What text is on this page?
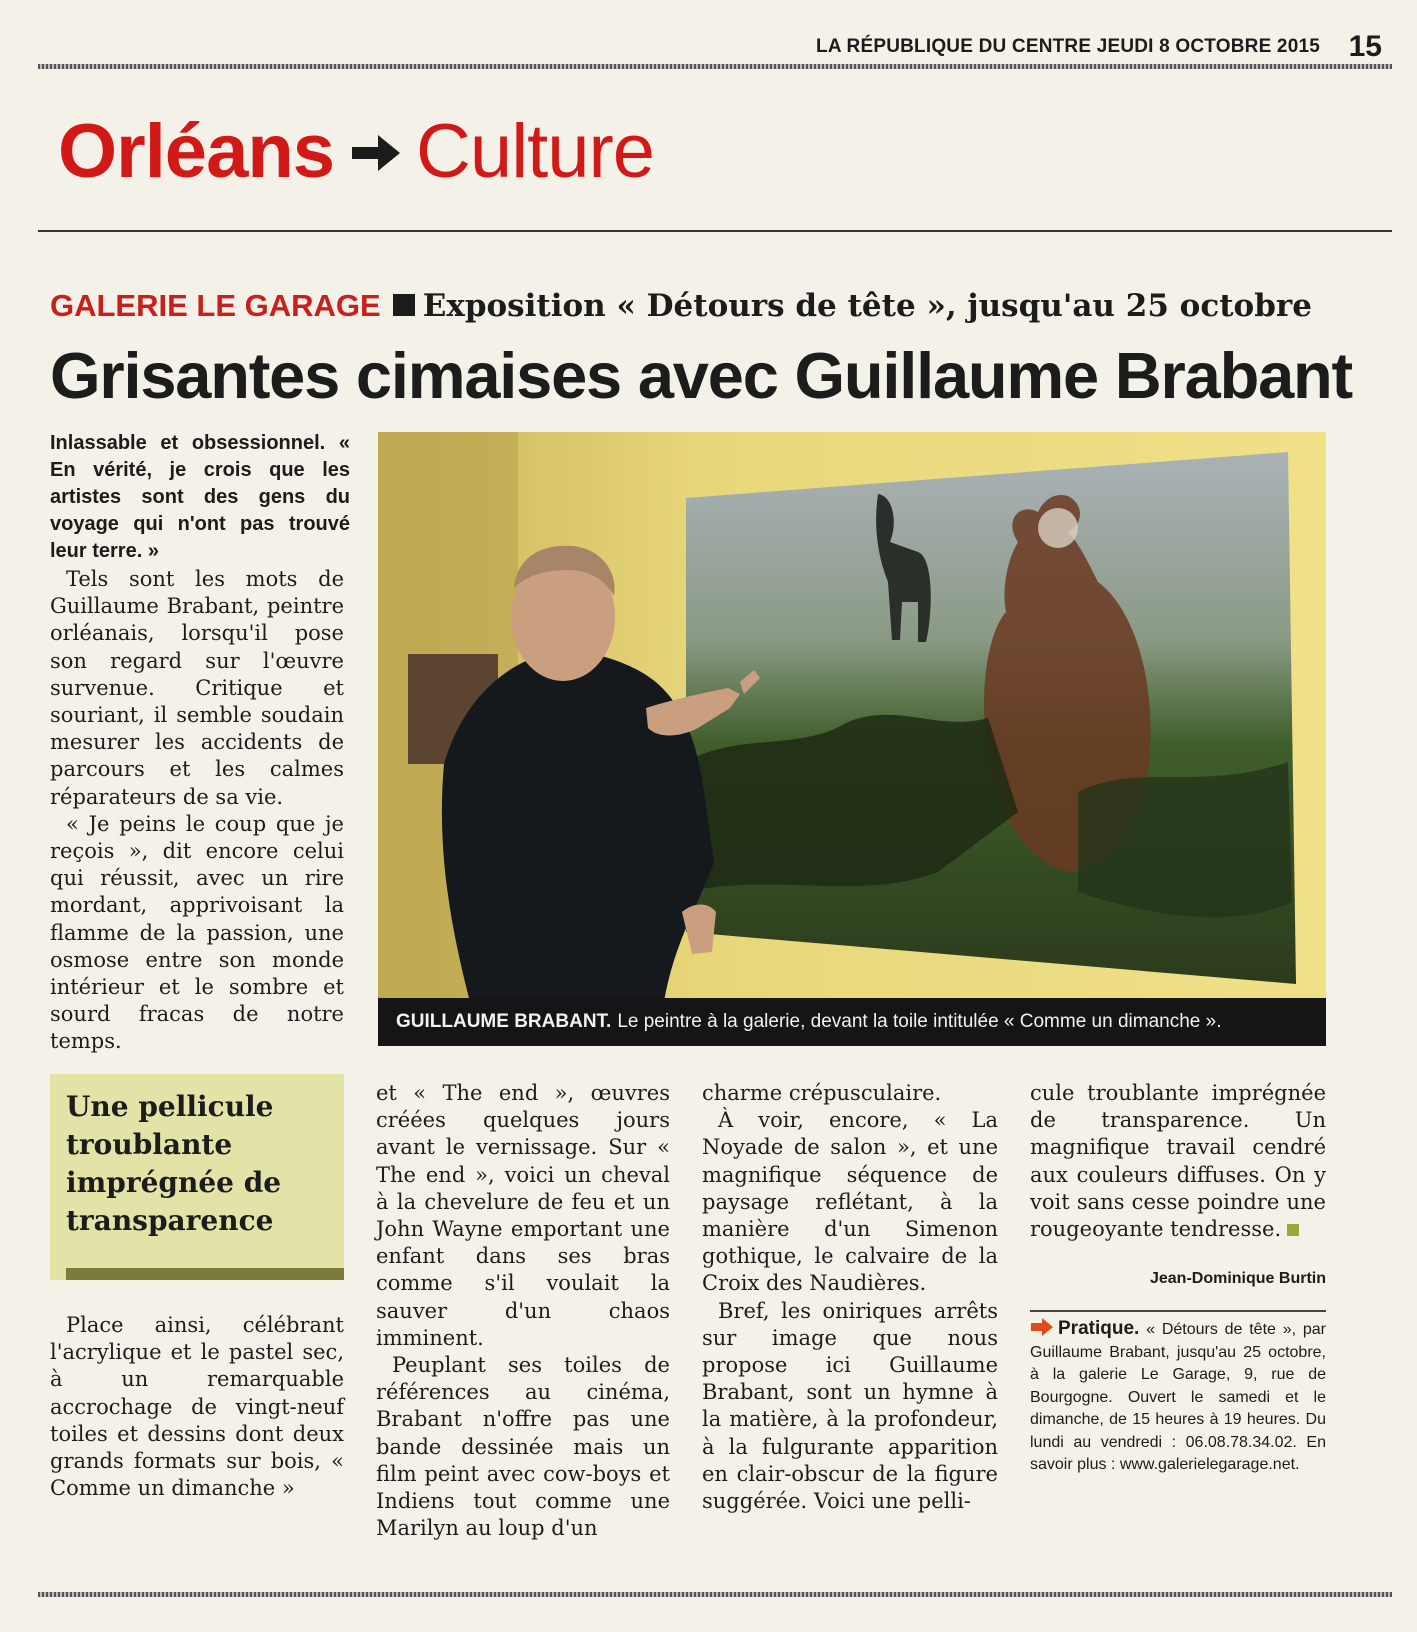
LA RÉPUBLIQUE DU CENTRE JEUDI 8 OCTOBRE 2015 15
Orléans Culture
GALERIE LE GARAGE Exposition « Détours de tête », jusqu'au 25 octobre
Grisantes cimaises avec Guillaume Brabant

Inlassable et obsessionnel. « En vérité, je crois que les artistes sont des gens du voyage qui n'ont pas trouvé leur terre. »

Tels sont les mots de Guillaume Brabant, peintre orléanais, lorsqu'il pose son regard sur l'œuvre survenue. Critique et souriant, il semble soudain mesurer les accidents de parcours et les calmes réparateurs de sa vie.

« Je peins le coup que je reçois », dit encore celui qui réussit, avec un rire mordant, apprivoisant la flamme de la passion, une osmose entre son monde intérieur et le sombre et sourd fracas de notre temps.

GUILLAUME BRABANT. Le peintre à la galerie, devant la toile intitulée « Comme un dimanche ».
Une pellicule troublante imprégnée de transparence

Place ainsi, célébrant l'acrylique et le pastel sec, à un remarquable accrochage de vingt-neuf toiles et dessins dont deux grands formats sur bois, « Comme un dimanche »

et « The end », œuvres créées quelques jours avant le vernissage. Sur « The end », voici un cheval à la chevelure de feu et un John Wayne emportant une enfant dans ses bras comme s'il voulait la sauver d'un chaos imminent.

Peuplant ses toiles de références au cinéma, Brabant n'offre pas une bande dessinée mais un film peint avec cow-boys et Indiens tout comme une Marilyn au loup d'un

charme crépusculaire.

À voir, encore, « La Noyade de salon », et une magnifique séquence de paysage reflétant, à la manière d'un Simenon gothique, le calvaire de la Croix des Naudières.

Bref, les oniriques arrêts sur image que nous propose ici Guillaume Brabant, sont un hymne à la matière, à la profondeur, à la fulgurante apparition en clair-obscur de la figure suggérée. Voici une pelli-

cule troublante imprégnée de transparence. Un magnifique travail cendré aux couleurs diffuses. On y voit sans cesse poindre une rougeoyante tendresse.

Jean-Dominique Burtin
Pratique. « Détours de tête », par Guillaume Brabant, jusqu'au 25 octobre, à la galerie Le Garage, 9, rue de Bourgogne. Ouvert le samedi et le dimanche, de 15 heures à 19 heures. Du lundi au vendredi : 06.08.78.34.02. En savoir plus : www.galerielegarage.net.
